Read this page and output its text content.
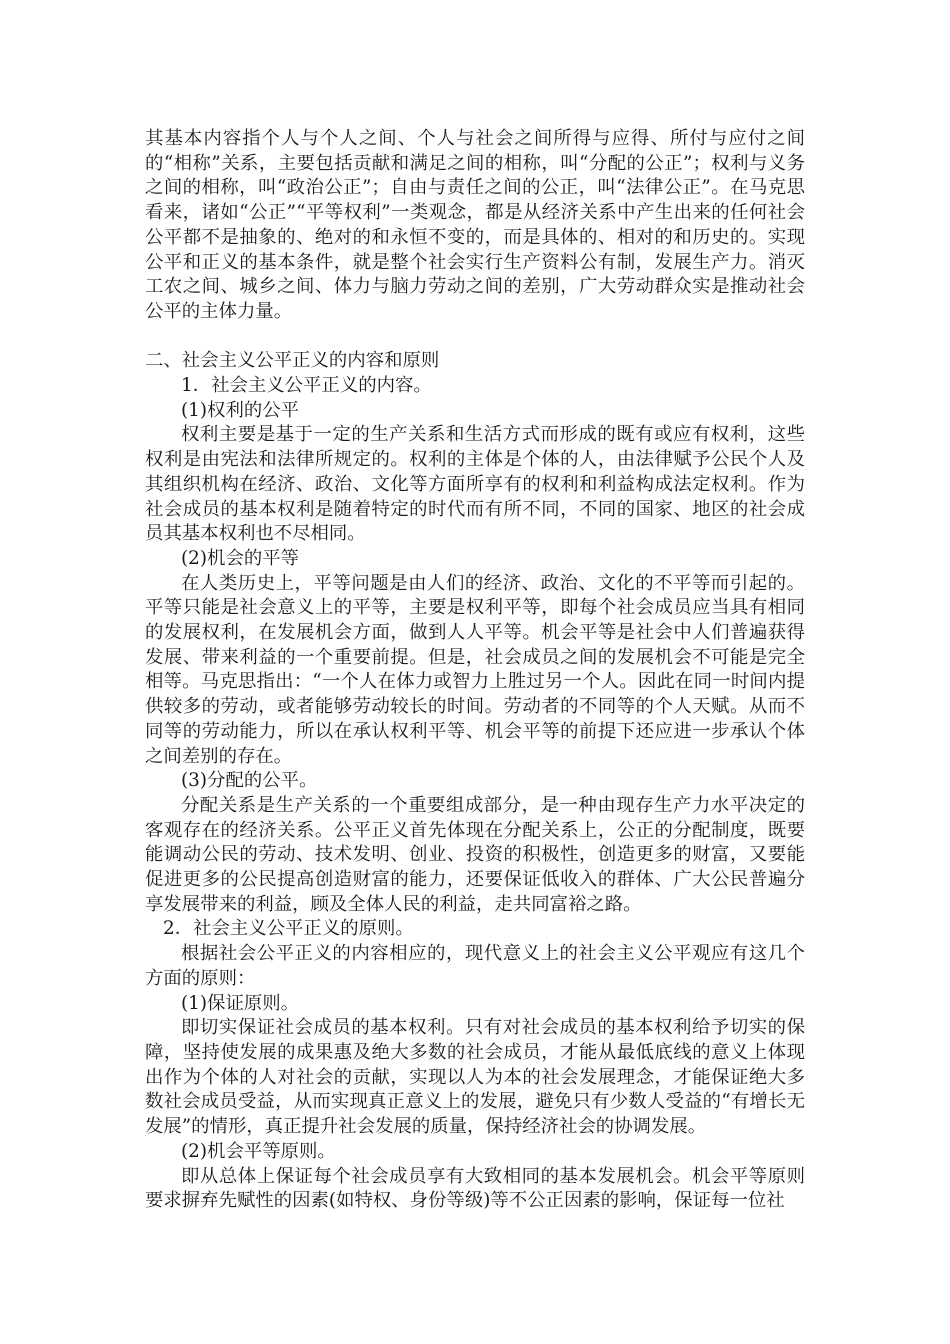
其基本内容指个人与个人之间、个人与社会之间所得与应得、所付与应付之间的“相称”关系，主要包括贡献和满足之间的相称，叫“分配的公正”；权利与义务之间的相称，叫“政治公正”；自由与责任之间的公正，叫“法律公正”。在马克思看来，诸如“公正”“平等权利”一类观念，都是从经济关系中产生出来的任何社会公平都不是抽象的、绝对的和永恒不变的，而是具体的、相对的和历史的。实现公平和正义的基本条件，就是整个社会实行生产资料公有制，发展生产力。消灭工农之间、城乡之间、体力与脑力劳动之间的差别，广大劳动群众实是推动社会公平的主体力量。

二、社会主义公平正义的内容和原则

1．社会主义公平正义的内容。

(1)权利的公平

权利主要是基于一定的生产关系和生活方式而形成的既有或应有权利，这些权利是由宪法和法律所规定的。权利的主体是个体的人，由法律赋予公民个人及其组织机构在经济、政治、文化等方面所享有的权利和利益构成法定权利。作为社会成员的基本权利是随着特定的时代而有所不同，不同的国家、地区的社会成员其基本权利也不尽相同。

(2)机会的平等

在人类历史上，平等问题是由人们的经济、政治、文化的不平等而引起的。平等只能是社会意义上的平等，主要是权利平等，即每个社会成员应当具有相同的发展权利，在发展机会方面，做到人人平等。机会平等是社会中人们普遍获得发展、带来利益的一个重要前提。但是，社会成员之间的发展机会不可能是完全相等。马克思指出：“一个人在体力或智力上胜过另一个人。因此在同一时间内提供较多的劳动，或者能够劳动较长的时间。劳动者的不同等的个人天赋。从而不同等的劳动能力，所以在承认权利平等、机会平等的前提下还应进一步承认个体之间差别的存在。

(3)分配的公平。

分配关系是生产关系的一个重要组成部分，是一种由现存生产力水平决定的客观存在的经济关系。公平正义首先体现在分配关系上，公正的分配制度，既要能调动公民的劳动、技术发明、创业、投资的积极性，创造更多的财富，又要能促进更多的公民提高创造财富的能力，还要保证低收入的群体、广大公民普遍分享发展带来的利益，顾及全体人民的利益，走共同富裕之路。

2．社会主义公平正义的原则。

根据社会公平正义的内容相应的，现代意义上的社会主义公平观应有这几个方面的原则：

(1)保证原则。

即切实保证社会成员的基本权利。只有对社会成员的基本权利给予切实的保障，坚持使发展的成果惠及绝大多数的社会成员，才能从最低底线的意义上体现出作为个体的人对社会的贡献，实现以人为本的社会发展理念，才能保证绝大多数社会成员受益，从而实现真正意义上的发展，避免只有少数人受益的“有增长无发展”的情形，真正提升社会发展的质量，保持经济社会的协调发展。

(2)机会平等原则。

即从总体上保证每个社会成员享有大致相同的基本发展机会。机会平等原则要求摒弃先赋性的因素(如特权、身份等级)等不公正因素的影响，保证每一位社
